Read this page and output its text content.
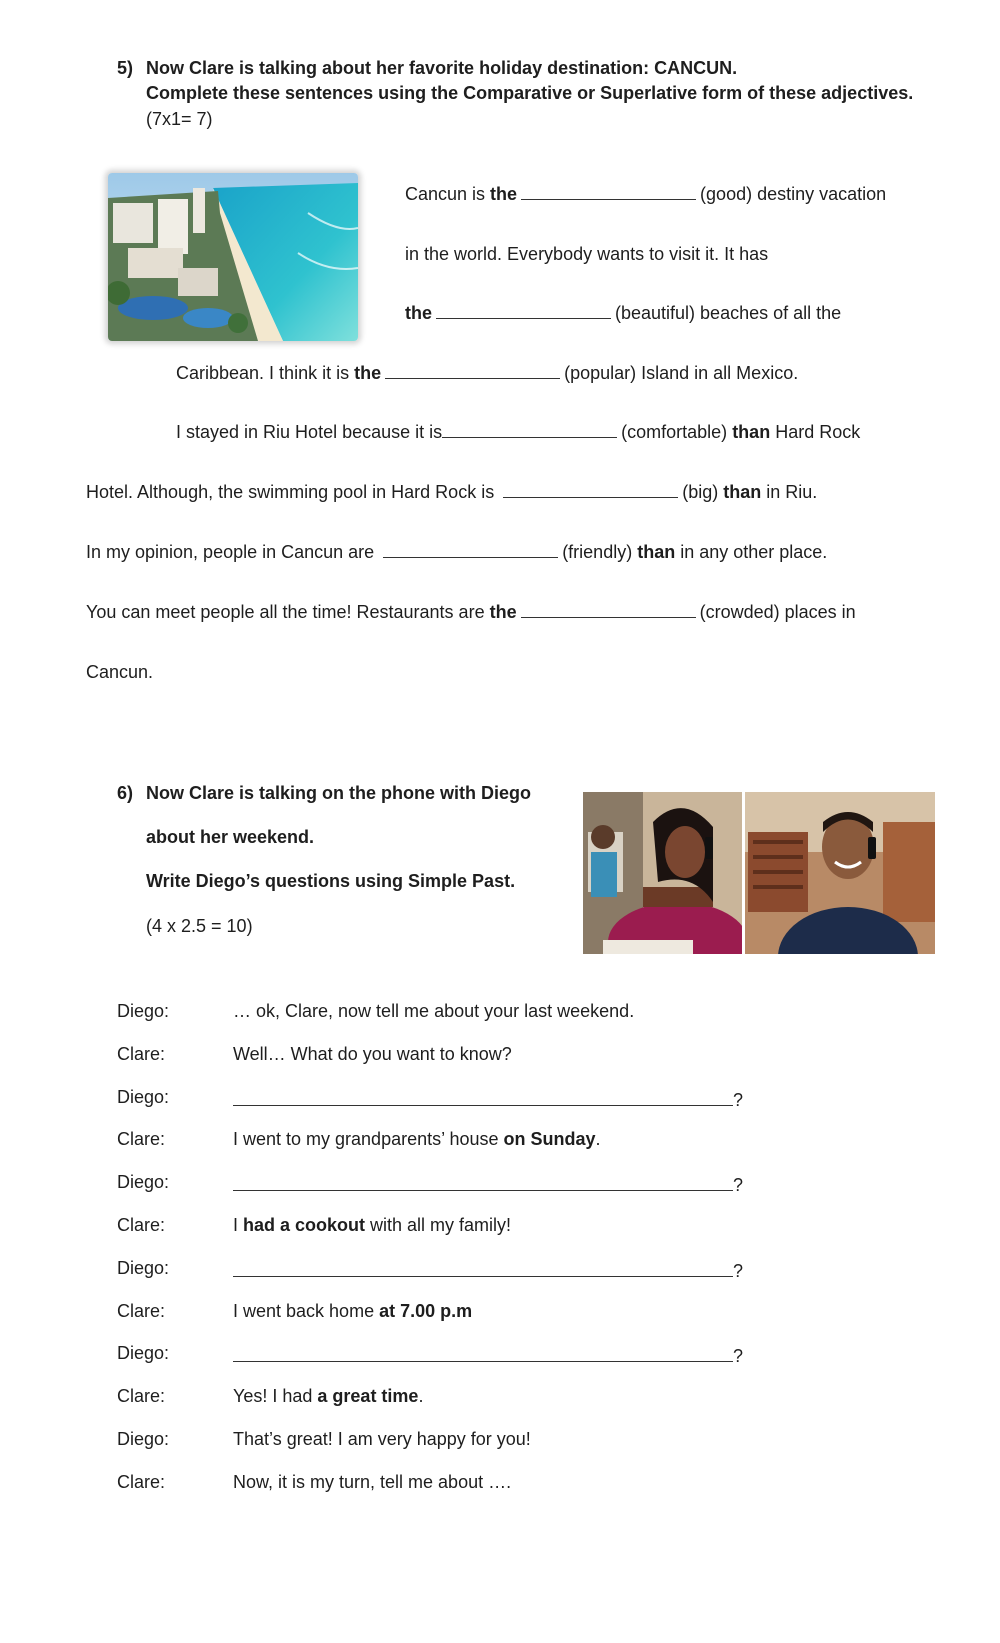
5) Now Clare is talking about her favorite holiday destination: CANCUN.
Complete these sentences using the Comparative or Superlative form of these adjectives.
(7x1= 7)
Cancun is the	(good) destiny vacation
in the world. Everybody wants to visit it. It has
the	(beautiful) beaches of all the
Caribbean. I think it is the	(popular) Island in all Mexico.
I stayed in Riu Hotel because it is	(comfortable) than Hard Rock
Hotel. Although, the swimming pool in Hard Rock is	(big) than in Riu.
In my opinion, people in Cancun are	(friendly) than in any other place.
You can meet people all the time! Restaurants are the	(crowded) places in
Cancun.
6) Now Clare is talking on the phone with Diego
about her weekend.
Write Diego’s questions using Simple Past.
(4 x 2.5 = 10)
Diego:	… ok, Clare, now tell me about your last weekend.
Clare:	Well… What do you want to know?
Diego:	?
Clare:	I went to my grandparents’ house on Sunday.
Diego:	?
Clare:	I had a cookout with all my family!
Diego:	?
Clare:	I went back home at 7.00 p.m
Diego:	?
Clare:	Yes! I had a great time.
Diego:	That’s great! I am very happy for you!
Clare:	Now, it is my turn, tell me about ….
